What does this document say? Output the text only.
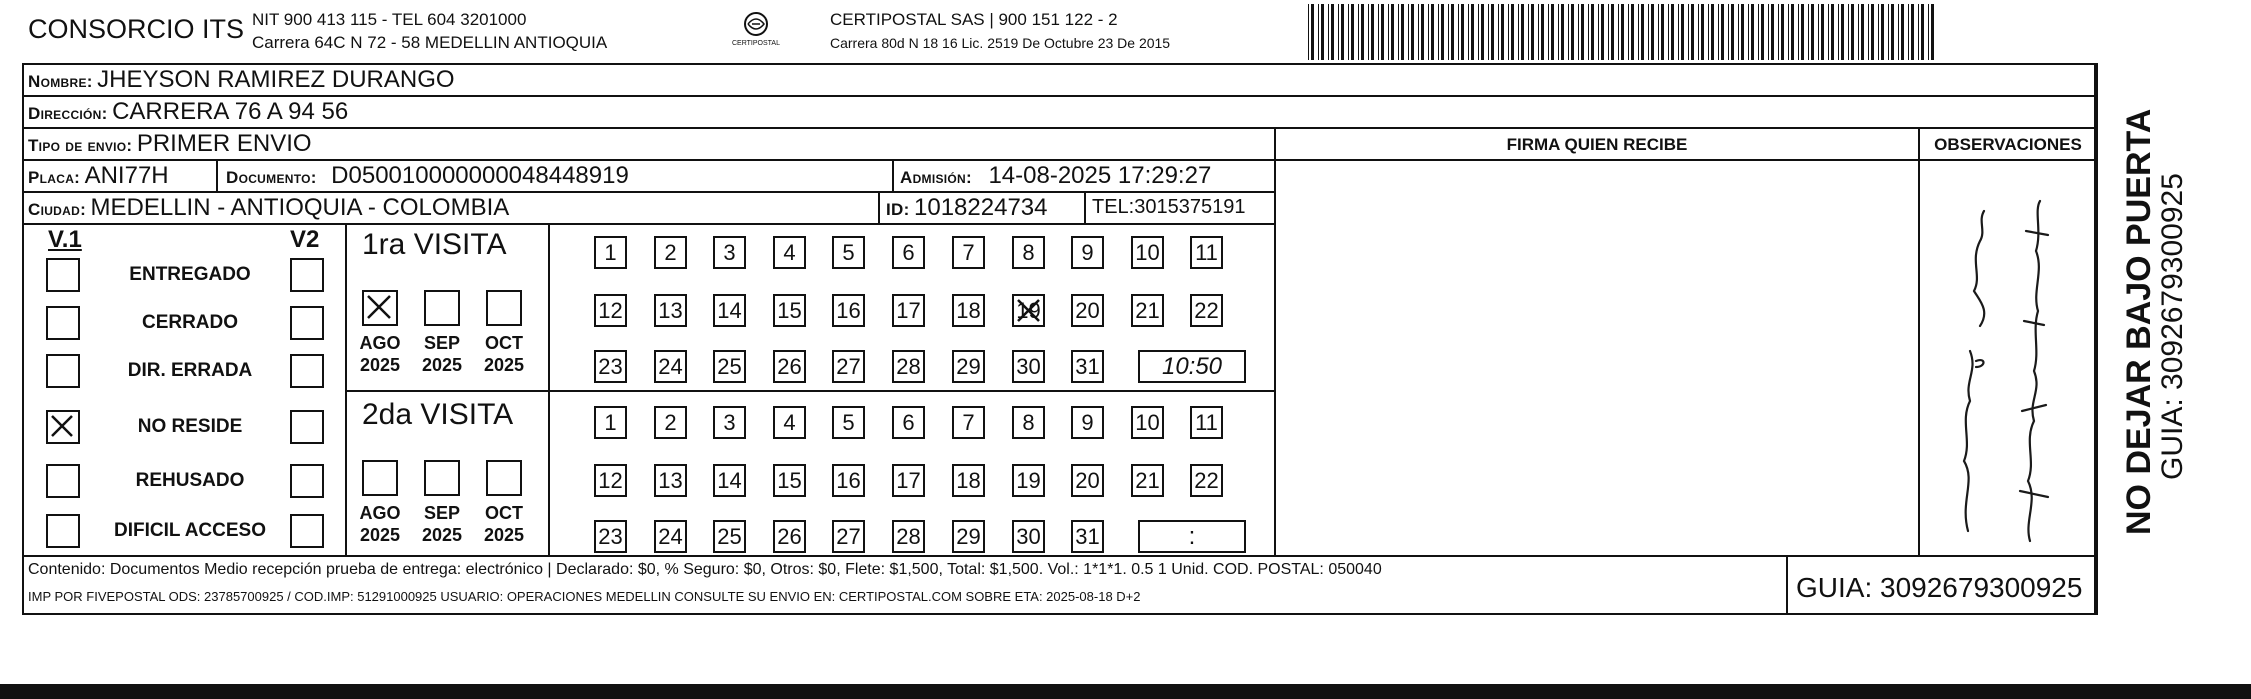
CONSORCIO ITS NIT 900 413 115 - TEL 604 3201000
Carrera 64C N 72 - 58 MEDELLIN ANTIOQUIA	CERTIPOSTAL
CERTIPOSTAL SAS | 900 151 122 - 2
Carrera 80d N 18 16 Lic. 2519 De Octubre 23 De 2015
Nombre: JHEYSON RAMIREZ DURANGO
Dirección: CARRERA 76 A 94 56
Tipo de envio: PRIMER ENVIO
Placa: ANI77H	Documento: D050010000000048448919	Admisión: 14-08-2025 17:29:27
Ciudad: MEDELLIN - ANTIOQUIA - COLOMBIA	ID: 1018224734 TEL:3015375191
FIRMA QUIEN RECIBE	OBSERVACIONES
V.1	V2
ENTREGADO
CERRADO
DIR. ERRADA
NO RESIDE
REHUSADO
DIFICIL ACCESO
1ra VISITA
2da VISITA
AGO
2025
SEP
2025
OCT
2025
1	2	3	4	5	6	7	8	9	10 11
12 13 14 15 16 17 18 19 20 21 22
23 24 25 26 27 28 29 30 31	10:50
AGO
2025
SEP
2025
OCT
2025
1	2	3	4	5	6	7	8	9	10 11
12 13 14 15 16 17 18 19 20 21 22
23 24 25 26 27 28 29 30 31	:
Contenido: Documentos Medio recepción prueba de entrega: electrónico | Declarado: $0, % Seguro: $0, Otros: $0, Flete: $1,500, Total: $1,500. Vol.: 1*1*1. 0.5 1 Unid. COD. POSTAL: 050040
IMP POR FIVEPOSTAL ODS: 23785700925 / COD.IMP: 51291000925 USUARIO: OPERACIONES MEDELLIN CONSULTE SU ENVIO EN: CERTIPOSTAL.COM SOBRE ETA: 2025-08-18 D+2	GUIA: 3092679300925
NO DEJAR BAJO PUERTA
GUIA: 3092679300925
